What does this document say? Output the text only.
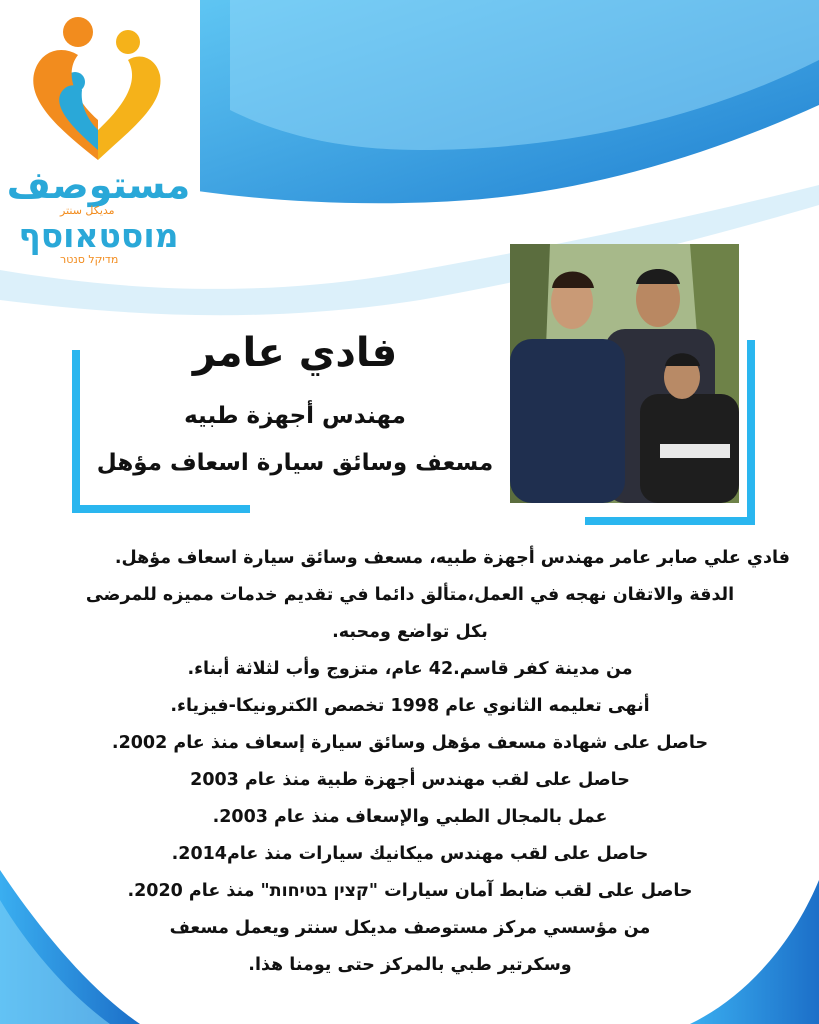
مستوصف
مديكل سنتر
מוסטאוסף
מדיקל סנטר
فادي عامر
مهندس أجهزة طبيه
مسعف وسائق سيارة اسعاف مؤهل
فادي علي صابر عامر مهندس أجهزة طبيه، مسعف وسائق سيارة اسعاف مؤهل.
الدقة والاتقان نهجه في العمل،متألق دائما في تقديم خدمات مميزه للمرضى
بكل تواضع ومحبه.
من مدينة كفر قاسم.42 عام، متزوج وأب لثلاثة أبناء.
أنهى تعليمه الثانوي عام 1998 تخصص الكترونيكا-فيزياء.
حاصل على شهادة مسعف مؤهل وسائق سيارة إسعاف منذ عام 2002.
حاصل على لقب مهندس أجهزة طبية منذ عام 2003
عمل بالمجال الطبي والإسعاف منذ عام 2003.
حاصل على لقب مهندس ميكانيك سيارات منذ عام2014.
حاصل على لقب ضابط آمان سيارات "קצין בטיחות" منذ عام 2020.
من مؤسسي مركز مستوصف مديكل سنتر ويعمل مسعف
وسكرتير طبي بالمركز حتى يومنا هذا.
